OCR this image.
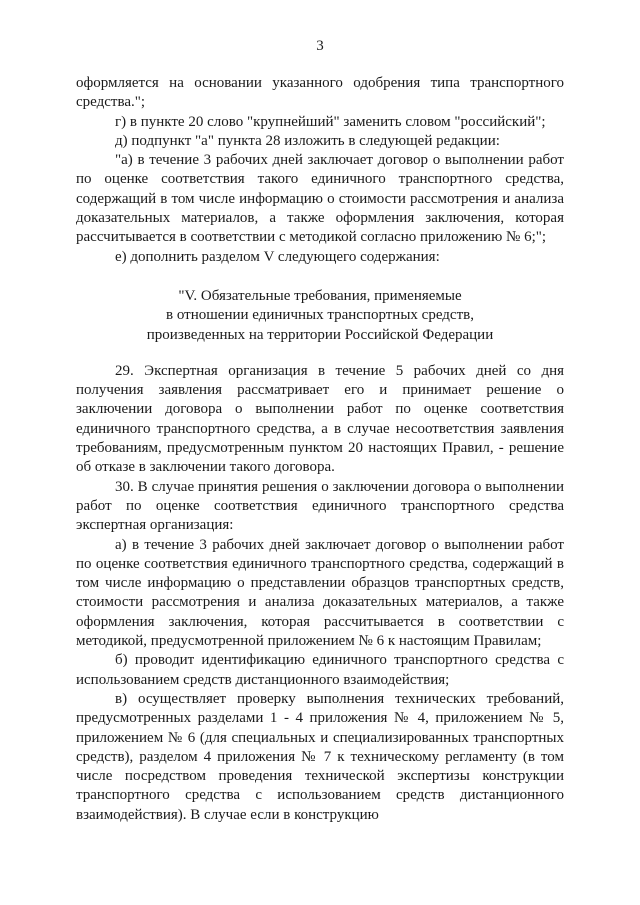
3

оформляется на основании указанного одобрения типа транспортного средства.";

г) в пункте 20 слово "крупнейший" заменить словом "российский";

д) подпункт "а" пункта 28 изложить в следующей редакции:

"а) в течение 3 рабочих дней заключает договор о выполнении работ по оценке соответствия такого единичного транспортного средства, содержащий в том числе информацию о стоимости рассмотрения и анализа доказательных материалов, а также оформления заключения, которая рассчитывается в соответствии с методикой согласно приложению № 6;";

е) дополнить разделом V следующего содержания:

"V. Обязательные требования, применяемые
в отношении единичных транспортных средств,
произведенных на территории Российской Федерации

29. Экспертная организация в течение 5 рабочих дней со дня получения заявления рассматривает его и принимает решение о заключении договора о выполнении работ по оценке соответствия единичного транспортного средства, а в случае несоответствия заявления требованиям, предусмотренным пунктом 20 настоящих Правил, - решение об отказе в заключении такого договора.

30. В случае принятия решения о заключении договора о выполнении работ по оценке соответствия единичного транспортного средства экспертная организация:

а) в течение 3 рабочих дней заключает договор о выполнении работ по оценке соответствия единичного транспортного средства, содержащий в том числе информацию о представлении образцов транспортных средств, стоимости рассмотрения и анализа доказательных материалов, а также оформления заключения, которая рассчитывается в соответствии с методикой, предусмотренной приложением № 6 к настоящим Правилам;

б) проводит идентификацию единичного транспортного средства с использованием средств дистанционного взаимодействия;

в) осуществляет проверку выполнения технических требований, предусмотренных разделами 1 - 4 приложения № 4, приложением № 5, приложением № 6 (для специальных и специализированных транспортных средств), разделом 4 приложения № 7 к техническому регламенту (в том числе посредством проведения технической экспертизы конструкции транспортного средства с использованием средств дистанционного взаимодействия). В случае если в конструкцию
